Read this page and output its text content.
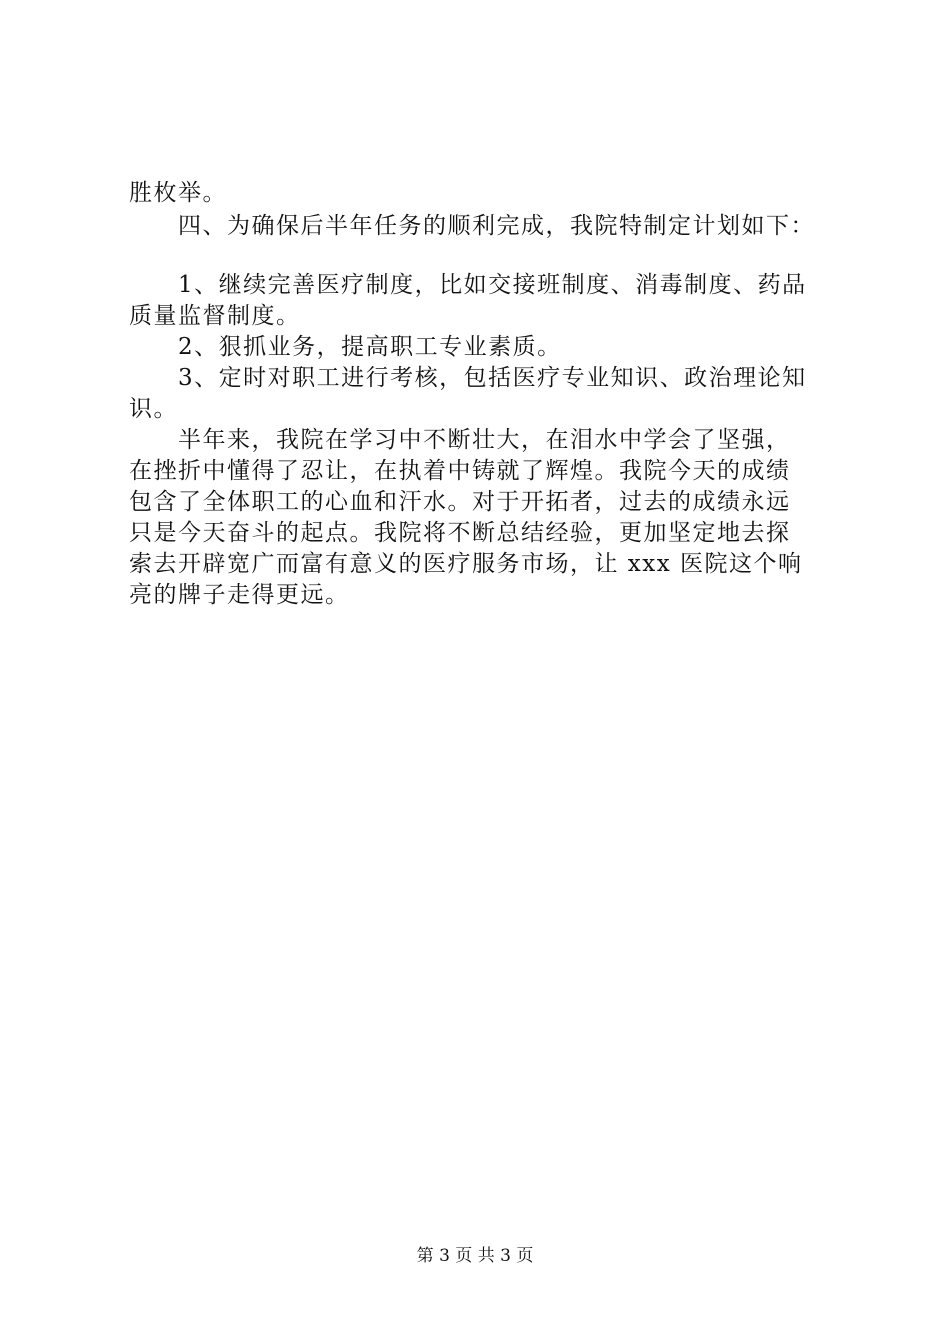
胜枚举。
四、为确保后半年任务的顺利完成，我院特制定计划如下：
1、继续完善医疗制度，比如交接班制度、消毒制度、药品
质量监督制度。
2、狠抓业务，提高职工专业素质。
3、定时对职工进行考核，包括医疗专业知识、政治理论知
识。
半年来，我院在学习中不断壮大，在泪水中学会了坚强，
在挫折中懂得了忍让，在执着中铸就了辉煌。我院今天的成绩
包含了全体职工的心血和汗水。对于开拓者，过去的成绩永远
只是今天奋斗的起点。我院将不断总结经验，更加坚定地去探
索去开辟宽广而富有意义的医疗服务市场，让 xxx 医院这个响
亮的牌子走得更远。
第 3 页 共 3 页
